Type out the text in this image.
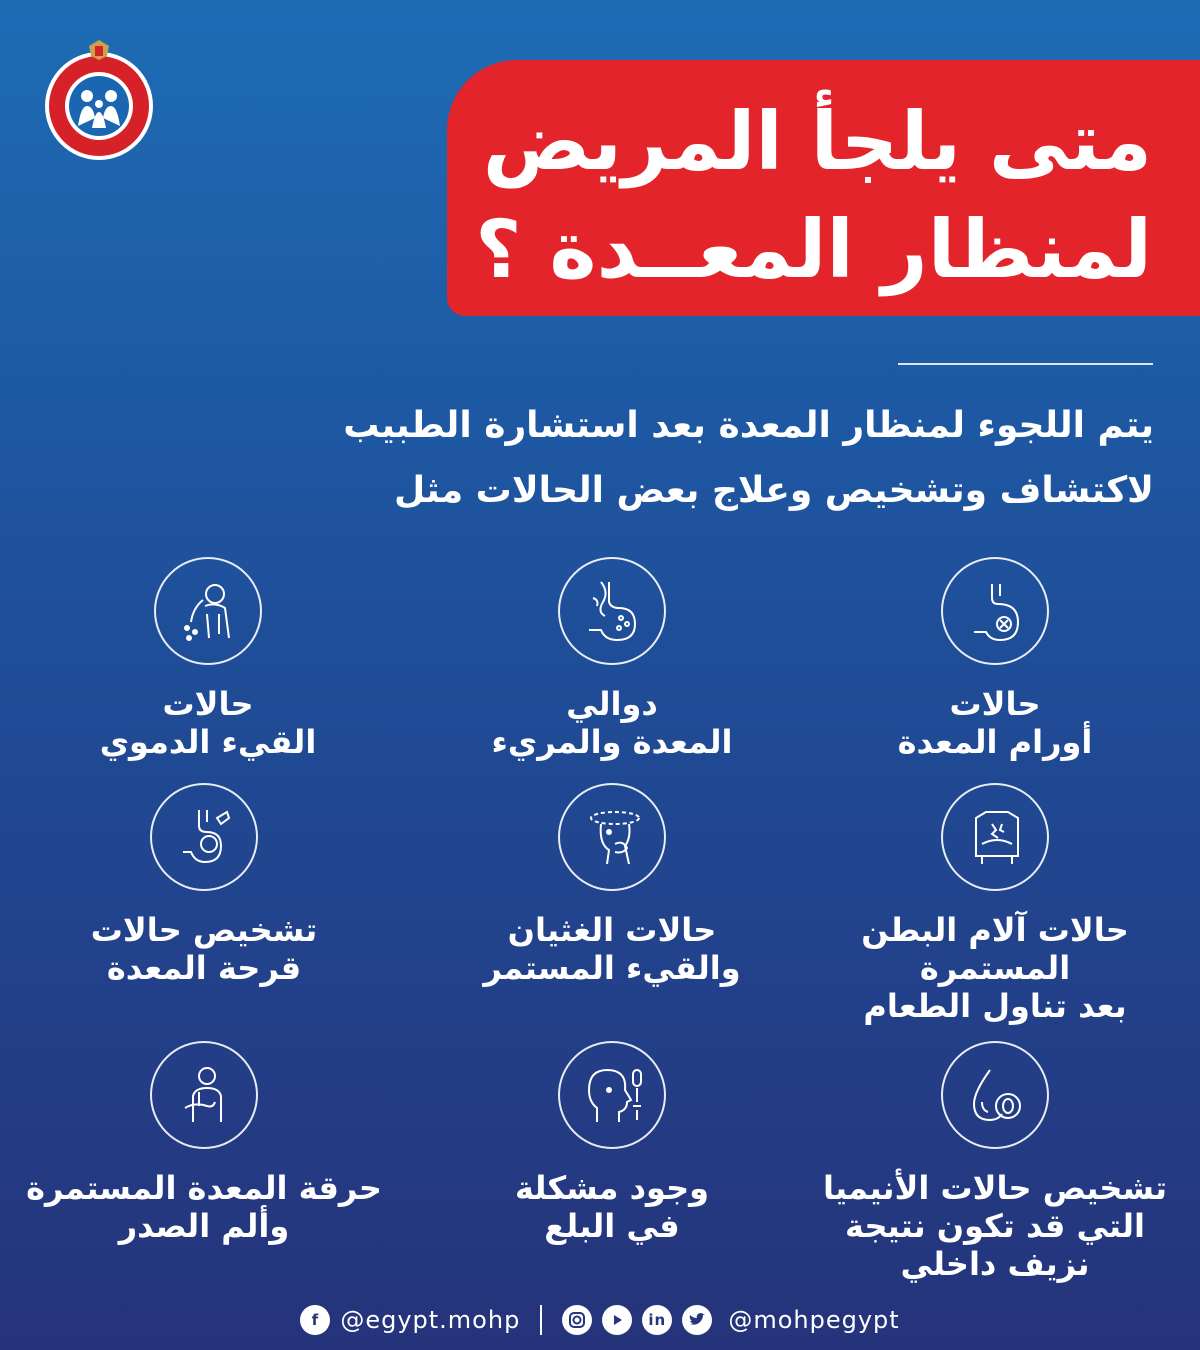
متى يلجأ المريض
لمنظار المعــدة ؟
يتم اللجوء لمنظار المعدة بعد استشارة الطبيب
لاكتشاف وتشخيص وعلاج بعض الحالات مثل
حالات
أورام المعدة
دوالي
المعدة والمريء
حالات
القيء الدموي
حالات آلام البطن
المستمرة
بعد تناول الطعام
حالات الغثيان
والقيء المستمر
تشخيص حالات
قرحة المعدة
تشخيص حالات الأنيميا
التي قد تكون نتيجة
نزيف داخلي
وجود مشكلة
في البلع
حرقة المعدة المستمرة
وألم الصدر
f @egypt.mohp	in	@mohpegypt
